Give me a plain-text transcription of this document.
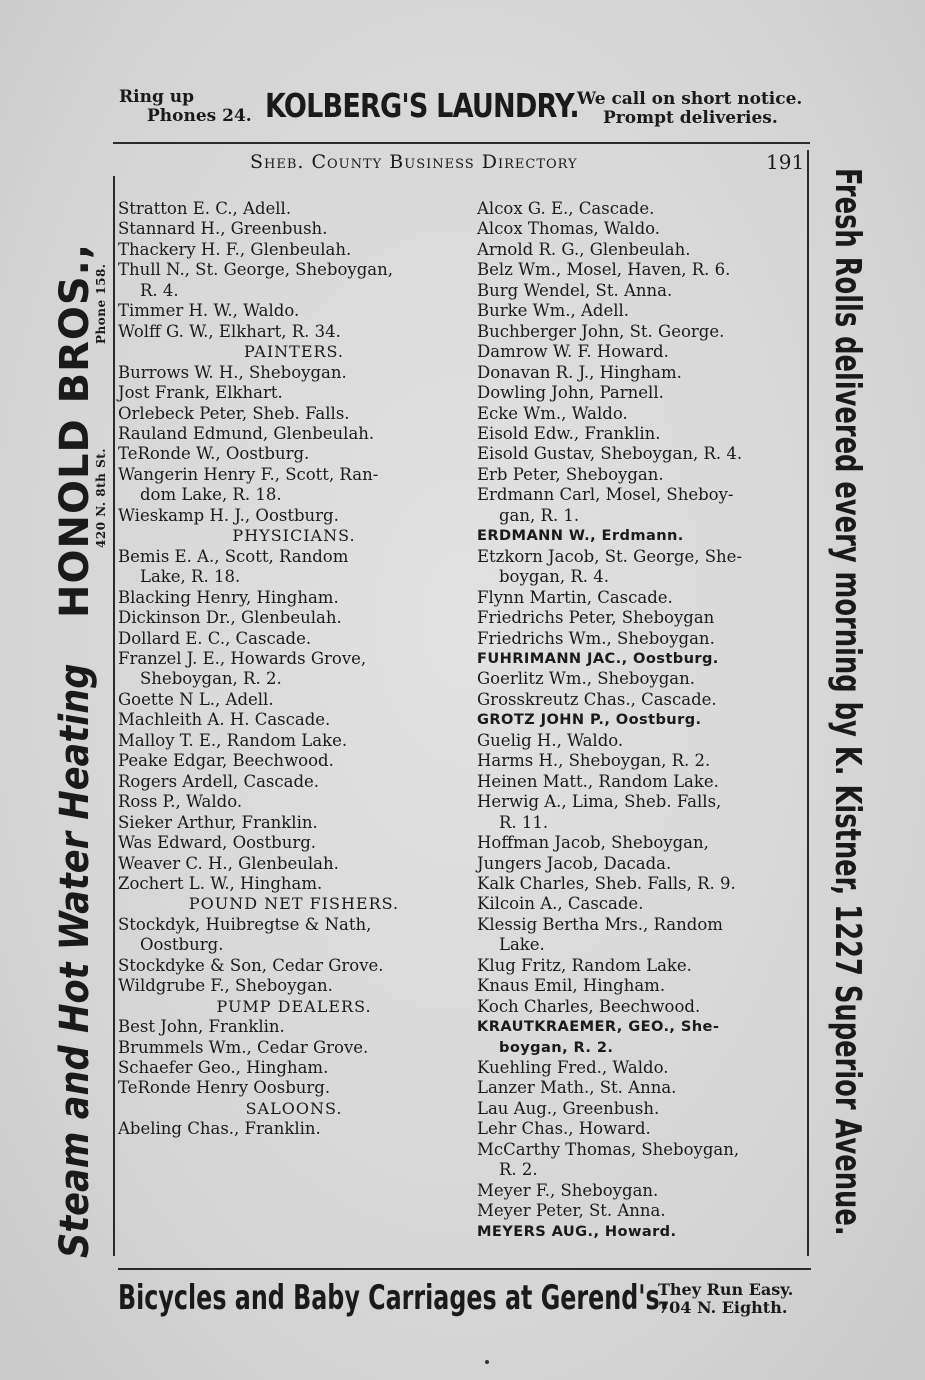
Ring up
Phones 24. KOLBERG'S LAUNDRY.
We call on short notice.
Prompt deliveries.
Sheb. County Business Directory	191
Stratton E. C., Adell.
Stannard H., Greenbush.
Thackery H. F., Glenbeulah.
Thull N., St. George, Sheboygan,
R. 4.
Timmer H. W., Waldo.
Wolff G. W., Elkhart, R. 34.
PAINTERS.
Burrows W. H., Sheboygan.
Jost Frank, Elkhart.
Orlebeck Peter, Sheb. Falls.
Rauland Edmund, Glenbeulah.
TeRonde W., Oostburg.
Wangerin Henry F., Scott, Ran-
dom Lake, R. 18.
Wieskamp H. J., Oostburg.
PHYSICIANS.
Bemis E. A., Scott, Random
Lake, R. 18.
Blacking Henry, Hingham.
Dickinson Dr., Glenbeulah.
Dollard E. C., Cascade.
Franzel J. E., Howards Grove,
Sheboygan, R. 2.
Goette N L., Adell.
Machleith A. H. Cascade.
Malloy T. E., Random Lake.
Peake Edgar, Beechwood.
Rogers Ardell, Cascade.
Ross P., Waldo.
Sieker Arthur, Franklin.
Was Edward, Oostburg.
Weaver C. H., Glenbeulah.
Zochert L. W., Hingham.
POUND NET FISHERS.
Stockdyk, Huibregtse & Nath,
Oostburg.
Stockdyke & Son, Cedar Grove.
Wildgrube F., Sheboygan.
PUMP DEALERS.
Best John, Franklin.
Brummels Wm., Cedar Grove.
Schaefer Geo., Hingham.
TeRonde Henry Oosburg.
SALOONS.
Abeling Chas., Franklin.
Alcox G. E., Cascade.
Alcox Thomas, Waldo.
Arnold R. G., Glenbeulah.
Belz Wm., Mosel, Haven, R. 6.
Burg Wendel, St. Anna.
Burke Wm., Adell.
Buchberger John, St. George.
Damrow W. F. Howard.
Donavan R. J., Hingham.
Dowling John, Parnell.
Ecke Wm., Waldo.
Eisold Edw., Franklin.
Eisold Gustav, Sheboygan, R. 4.
Erb Peter, Sheboygan.
Erdmann Carl, Mosel, Sheboy-
gan, R. 1.
ERDMANN W., Erdmann.
Etzkorn Jacob, St. George, She-
boygan, R. 4.
Flynn Martin, Cascade.
Friedrichs Peter, Sheboygan
Friedrichs Wm., Sheboygan.
FUHRIMANN JAC., Oostburg.
Goerlitz Wm., Sheboygan.
Grosskreutz Chas., Cascade.
GROTZ JOHN P., Oostburg.
Guelig H., Waldo.
Harms H., Sheboygan, R. 2.
Heinen Matt., Random Lake.
Herwig A., Lima, Sheb. Falls,
R. 11.
Hoffman Jacob, Sheboygan,
Jungers Jacob, Dacada.
Kalk Charles, Sheb. Falls, R. 9.
Kilcoin A., Cascade.
Klessig Bertha Mrs., Random
Lake.
Klug Fritz, Random Lake.
Knaus Emil, Hingham.
Koch Charles, Beechwood.
KRAUTKRAEMER, GEO., She-
boygan, R. 2.
Kuehling Fred., Waldo.
Lanzer Math., St. Anna.
Lau Aug., Greenbush.
Lehr Chas., Howard.
McCarthy Thomas, Sheboygan,
R. 2.
Meyer F., Sheboygan.
Meyer Peter, St. Anna.
MEYERS AUG., Howard.
Steam and Hot Water Heating
HONOLD BROS.,
420 N. 8th St.Phone 158.	Fresh Rolls delivered every morning by K. Kistner, 1227 Superior Avenue.
Bicycles and Baby Carriages at Gerend's.
They Run Easy.
704 N. Eighth.
